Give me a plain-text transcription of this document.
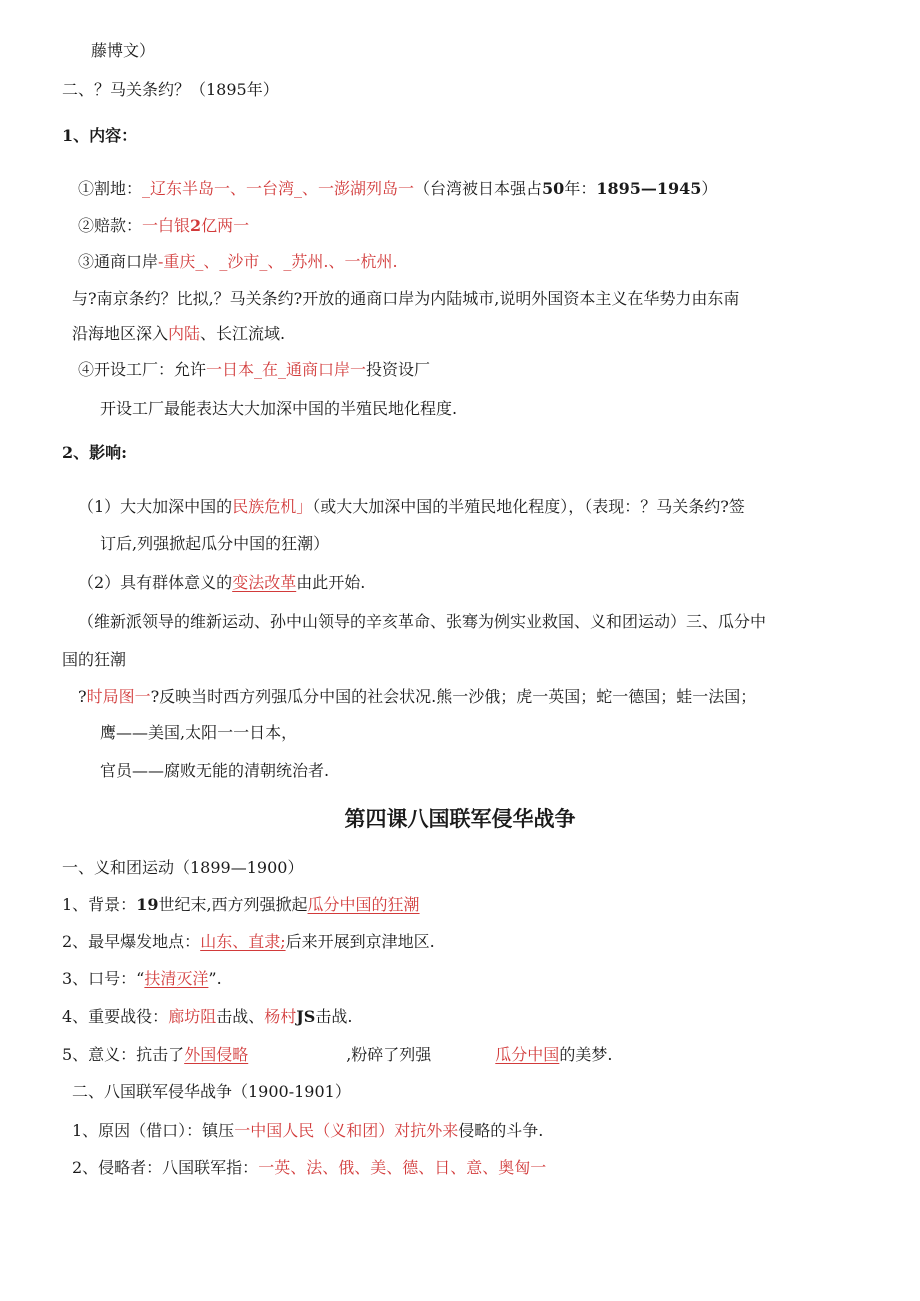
藤博文）
二、？马关条约？（1895年）
1、内容：
①割地：_辽东半岛一、一台湾_、一澎湖列岛一（台湾被日本强占50年：1895—1945）
②赔款：一白银2亿两一
③通商口岸-重庆_、_沙市_、_苏州.、一杭州.
与?南京条约？比拟,？马关条约?开放的通商口岸为内陆城市,说明外国资本主义在华势力由东南
沿海地区深入内陆、长江流域.
④开设工厂：允许一日本_在_通商口岸一投资设厂
开设工厂最能表达大大加深中国的半殖民地化程度.
2、影响:
（1）大大加深中国的民族危机」（或大大加深中国的半殖民地化程度），（表现：？马关条约?签
订后,列强掀起瓜分中国的狂潮）
（2）具有群体意义的变法改革由此开始.
（维新派领导的维新运动、孙中山领导的辛亥革命、张骞为例实业救国、义和团运动）三、瓜分中
国的狂潮
?时局图一?反映当时西方列强瓜分中国的社会状况.熊一沙俄；虎一英国；蛇一德国；蛙一法国；
鹰——美国,太阳一一日本，
官员——腐败无能的清朝统治者.
第四课八国联军侵华战争
一、义和团运动（1899—1900）
1、背景：19世纪末,西方列强掀起瓜分中国的狂潮
2、最早爆发地点：山东、直隶;后来开展到京津地区.
3、口号：“扶清灭洋”.
4、重要战役：廊坊阻击战、杨村JS击战.
5、意义：抗击了外国侵略	,粉碎了列强	瓜分中国的美梦.
二、八国联军侵华战争（1900-1901）
1、原因（借口）：镇压一中国人民（义和团）对抗外来侵略的斗争.
2、侵略者：八国联军指：一英、法、俄、美、德、日、意、奥匈一
